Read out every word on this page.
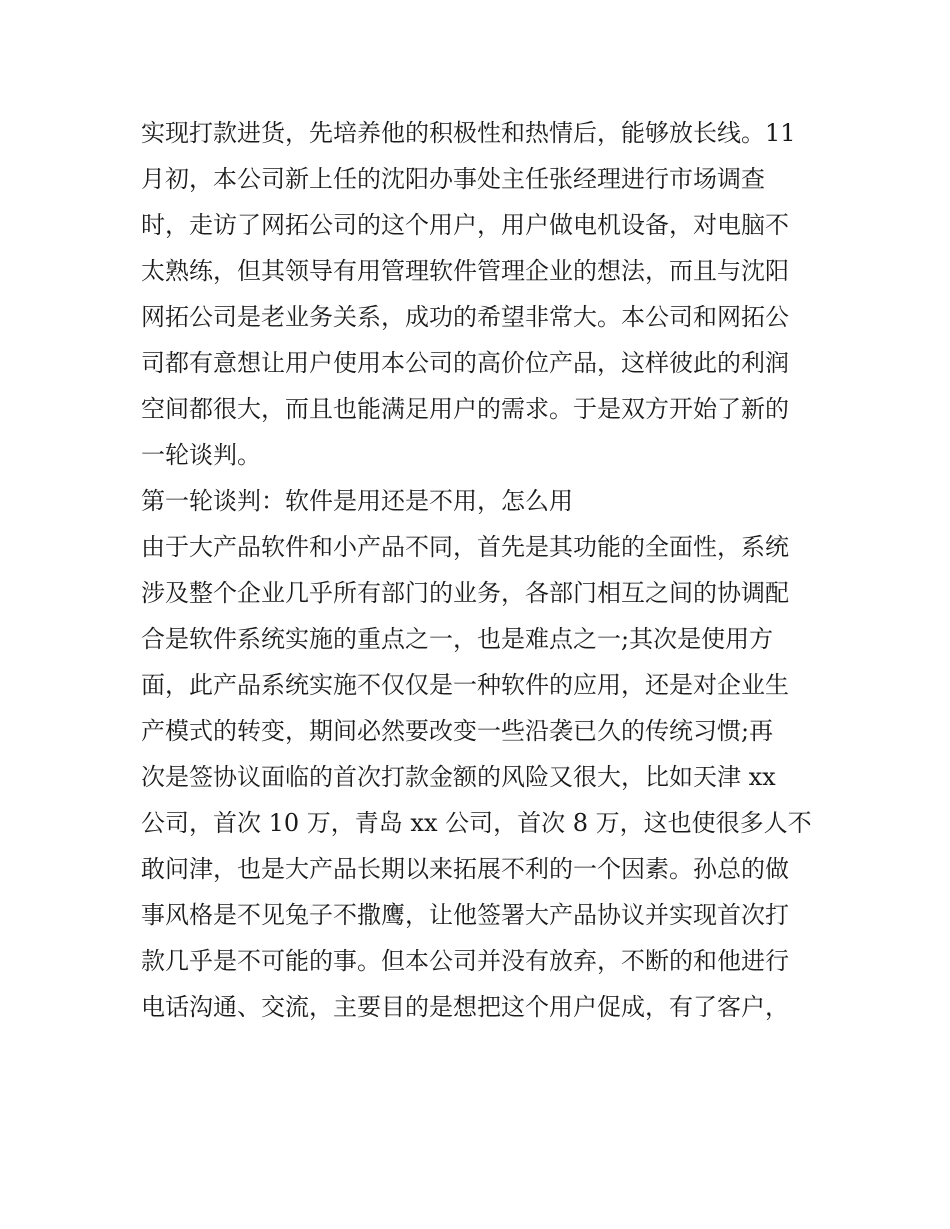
实现打款进货，先培养他的积极性和热情后，能够放长线。11
月初，本公司新上任的沈阳办事处主任张经理进行市场调查
时，走访了网拓公司的这个用户，用户做电机设备，对电脑不
太熟练，但其领导有用管理软件管理企业的想法，而且与沈阳
网拓公司是老业务关系，成功的希望非常大。本公司和网拓公
司都有意想让用户使用本公司的高价位产品，这样彼此的利润
空间都很大，而且也能满足用户的需求。于是双方开始了新的
一轮谈判。
第一轮谈判：软件是用还是不用，怎么用
由于大产品软件和小产品不同，首先是其功能的全面性，系统
涉及整个企业几乎所有部门的业务，各部门相互之间的协调配
合是软件系统实施的重点之一，也是难点之一;其次是使用方
面，此产品系统实施不仅仅是一种软件的应用，还是对企业生
产模式的转变，期间必然要改变一些沿袭已久的传统习惯;再
次是签协议面临的首次打款金额的风险又很大，比如天津 xx
公司，首次 10 万，青岛 xx 公司，首次 8 万，这也使很多人不
敢问津，也是大产品长期以来拓展不利的一个因素。孙总的做
事风格是不见兔子不撒鹰，让他签署大产品协议并实现首次打
款几乎是不可能的事。但本公司并没有放弃，不断的和他进行
电话沟通、交流，主要目的是想把这个用户促成，有了客户，
